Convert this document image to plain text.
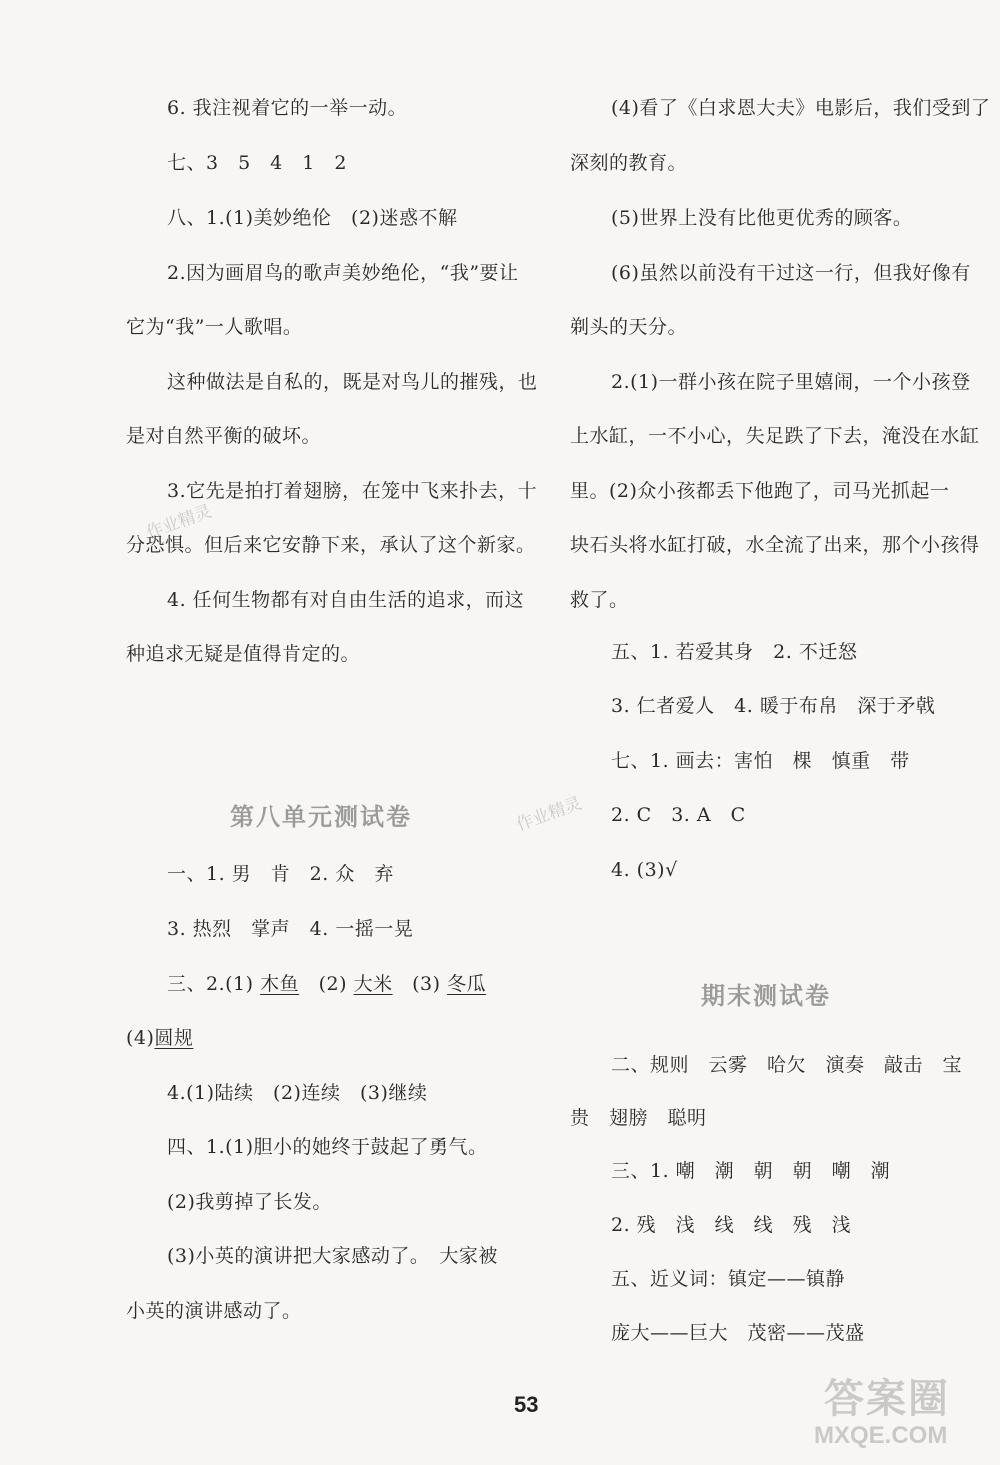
6. 我注视着它的一举一动。
七、3　5　4　1　2
八、1.(1)美妙绝伦　(2)迷惑不解
2.因为画眉鸟的歌声美妙绝伦，“我”要让
它为“我”一人歌唱。
这种做法是自私的，既是对鸟儿的摧残，也
是对自然平衡的破坏。
3.它先是拍打着翅膀，在笼中飞来扑去，十
分恐惧。但后来它安静下来，承认了这个新家。
4. 任何生物都有对自由生活的追求，而这
种追求无疑是值得肯定的。
第八单元测试卷
一、1. 男　肯　2. 众　弃
3. 热烈　掌声　4. 一摇一晃
三、2.(1) 木鱼　(2) 大米　(3) 冬瓜
(4)圆规
4.(1)陆续　(2)连续　(3)继续
四、1.(1)胆小的她终于鼓起了勇气。
(2)我剪掉了长发。
(3)小英的演讲把大家感动了。　大家被
小英的演讲感动了。
(4)看了《白求恩大夫》电影后，我们受到了
深刻的教育。
(5)世界上没有比他更优秀的顾客。
(6)虽然以前没有干过这一行，但我好像有
剃头的天分。
2.(1)一群小孩在院子里嬉闹，一个小孩登
上水缸，一不小心，失足跌了下去，淹没在水缸
里。(2)众小孩都丢下他跑了，司马光抓起一
块石头将水缸打破，水全流了出来，那个小孩得
救了。
五、1. 若爱其身　2. 不迁怒
3. 仁者爱人　4. 暖于布帛　深于矛戟
七、1. 画去：害怕　棵　慎重　带
2. C　3. A　C
4. (3)√
期末测试卷
二、规则　云雾　哈欠　演奏　敲击　宝
贵　翅膀　聪明
三、1. 嘲　潮　朝　朝　嘲　潮
2. 残　浅　线　线　残　浅
五、近义词：镇定——镇静
庞大——巨大　茂密——茂盛
作业精灵
作业精灵
53	答案圈
MXQE.COM
